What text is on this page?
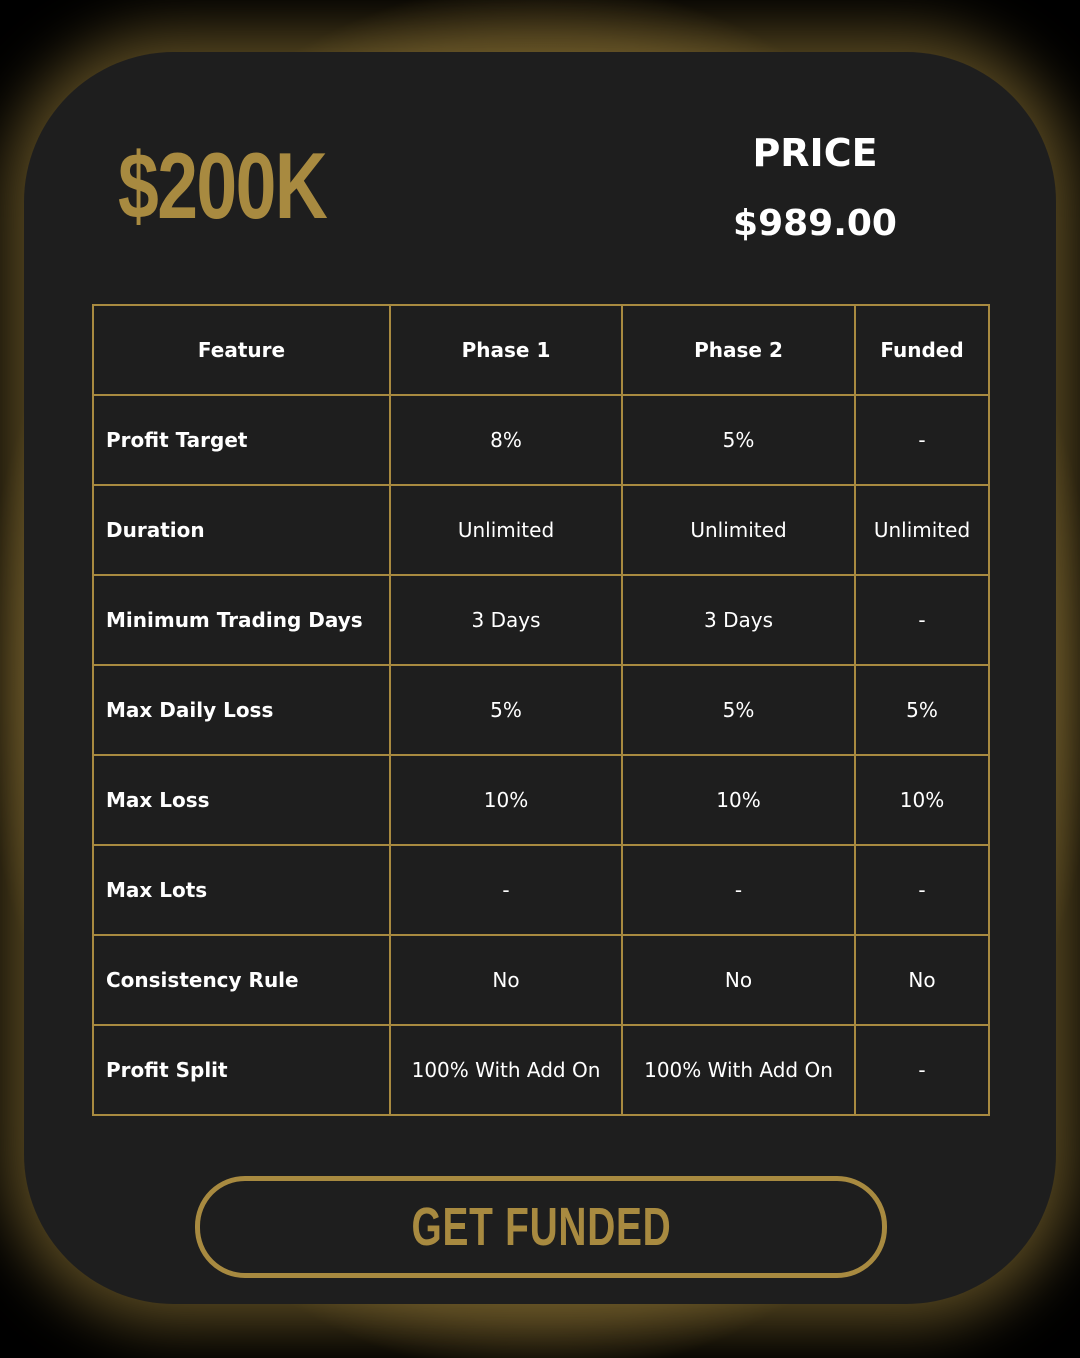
$200K	PRICE
$989.00
Feature	Phase 1	Phase 2	Funded
Profit Target	8%	5%	-
Duration	Unlimited	Unlimited	Unlimited
Minimum Trading Days	3 Days	3 Days	-
Max Daily Loss	5%	5%	5%
Max Loss	10%	10%	10%
Max Lots	-	-	-
Consistency Rule	No	No	No
Profit Split	100% With Add On	100% With Add On	-
GET FUNDED
